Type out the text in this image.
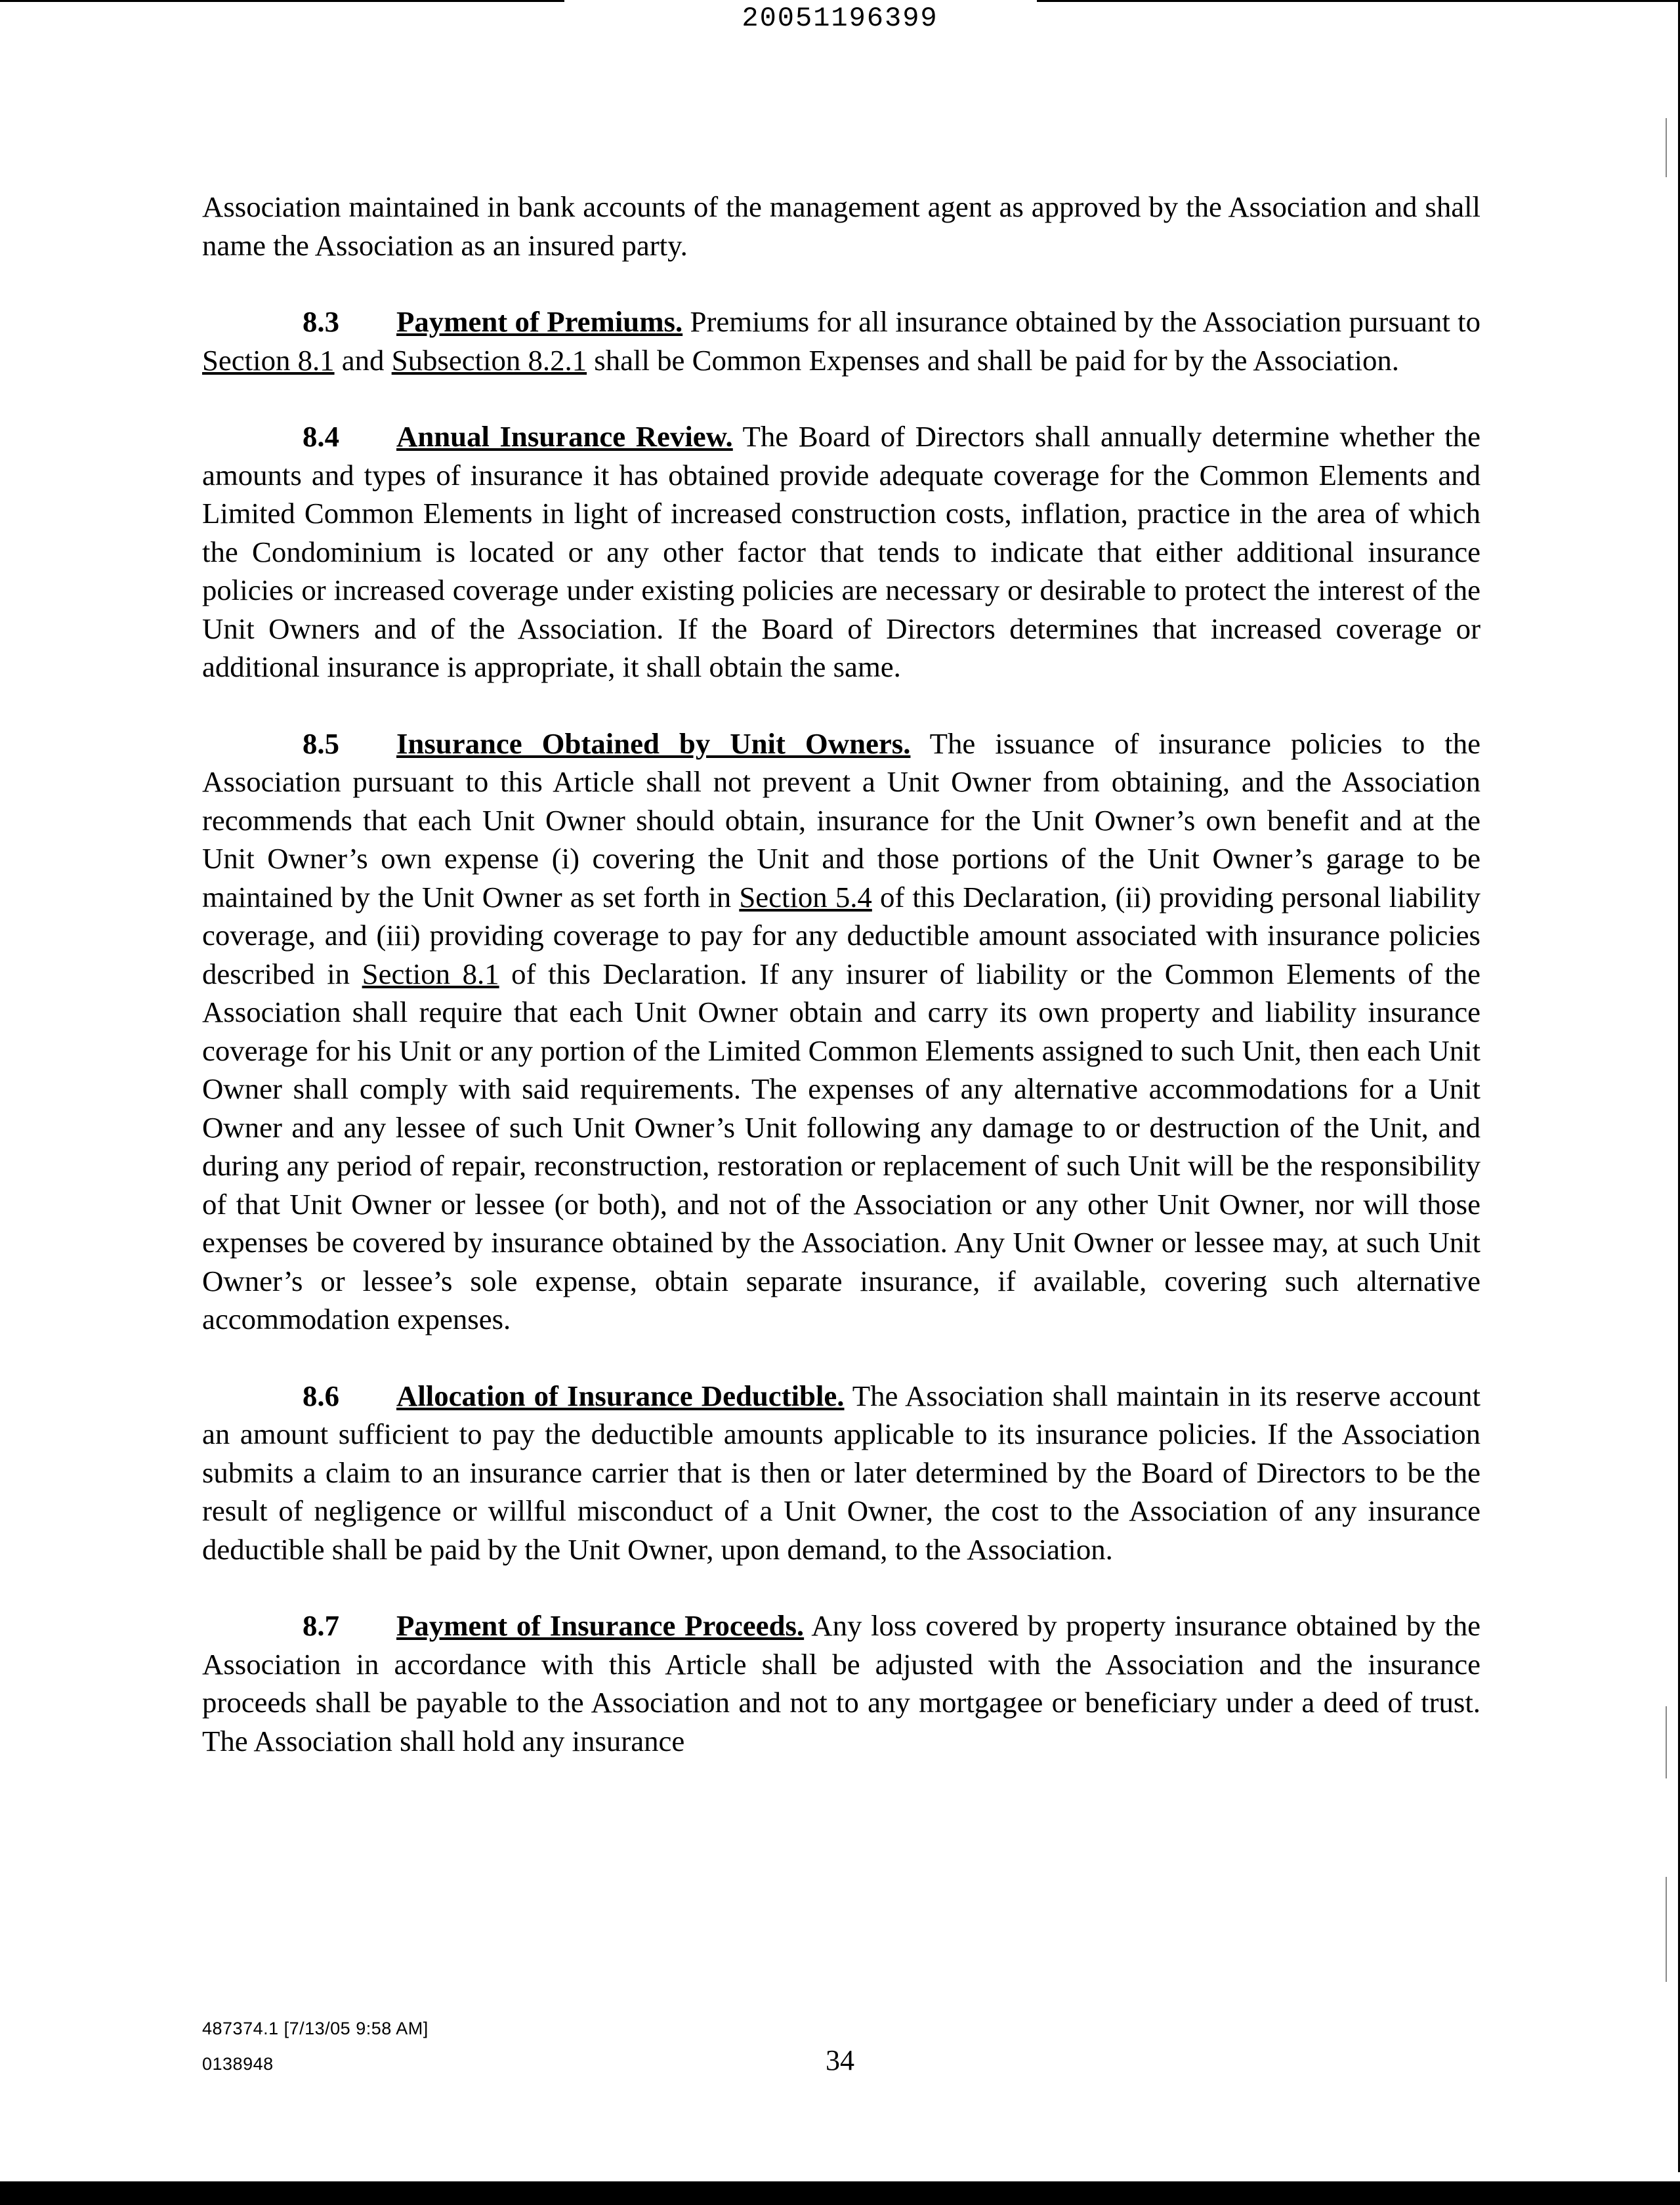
20051196399

Association maintained in bank accounts of the management agent as approved by the Association and shall name the Association as an insured party.

8.3 Payment of Premiums. Premiums for all insurance obtained by the Association pursuant to Section 8.1 and Subsection 8.2.1 shall be Common Expenses and shall be paid for by the Association.

8.4 Annual Insurance Review. The Board of Directors shall annually determine whether the amounts and types of insurance it has obtained provide adequate coverage for the Common Elements and Limited Common Elements in light of increased construction costs, inflation, practice in the area of which the Condominium is located or any other factor that tends to indicate that either additional insurance policies or increased coverage under existing policies are necessary or desirable to protect the interest of the Unit Owners and of the Association. If the Board of Directors determines that increased coverage or additional insurance is appropriate, it shall obtain the same.

8.5 Insurance Obtained by Unit Owners. The issuance of insurance policies to the Association pursuant to this Article shall not prevent a Unit Owner from obtaining, and the Association recommends that each Unit Owner should obtain, insurance for the Unit Owner’s own benefit and at the Unit Owner’s own expense (i) covering the Unit and those portions of the Unit Owner’s garage to be maintained by the Unit Owner as set forth in Section 5.4 of this Declaration, (ii) providing personal liability coverage, and (iii) providing coverage to pay for any deductible amount associated with insurance policies described in Section 8.1 of this Declaration. If any insurer of liability or the Common Elements of the Association shall require that each Unit Owner obtain and carry its own property and liability insurance coverage for his Unit or any portion of the Limited Common Elements assigned to such Unit, then each Unit Owner shall comply with said requirements. The expenses of any alternative accommodations for a Unit Owner and any lessee of such Unit Owner’s Unit following any damage to or destruction of the Unit, and during any period of repair, reconstruction, restoration or replacement of such Unit will be the responsibility of that Unit Owner or lessee (or both), and not of the Association or any other Unit Owner, nor will those expenses be covered by insurance obtained by the Association. Any Unit Owner or lessee may, at such Unit Owner’s or lessee’s sole expense, obtain separate insurance, if available, covering such alternative accommodation expenses.

8.6 Allocation of Insurance Deductible. The Association shall maintain in its reserve account an amount sufficient to pay the deductible amounts applicable to its insurance policies. If the Association submits a claim to an insurance carrier that is then or later determined by the Board of Directors to be the result of negligence or willful misconduct of a Unit Owner, the cost to the Association of any insurance deductible shall be paid by the Unit Owner, upon demand, to the Association.

8.7 Payment of Insurance Proceeds. Any loss covered by property insurance obtained by the Association in accordance with this Article shall be adjusted with the Association and the insurance proceeds shall be payable to the Association and not to any mortgagee or beneficiary under a deed of trust. The Association shall hold any insurance

487374.1 [7/13/05 9:58 AM]
0138948	34
